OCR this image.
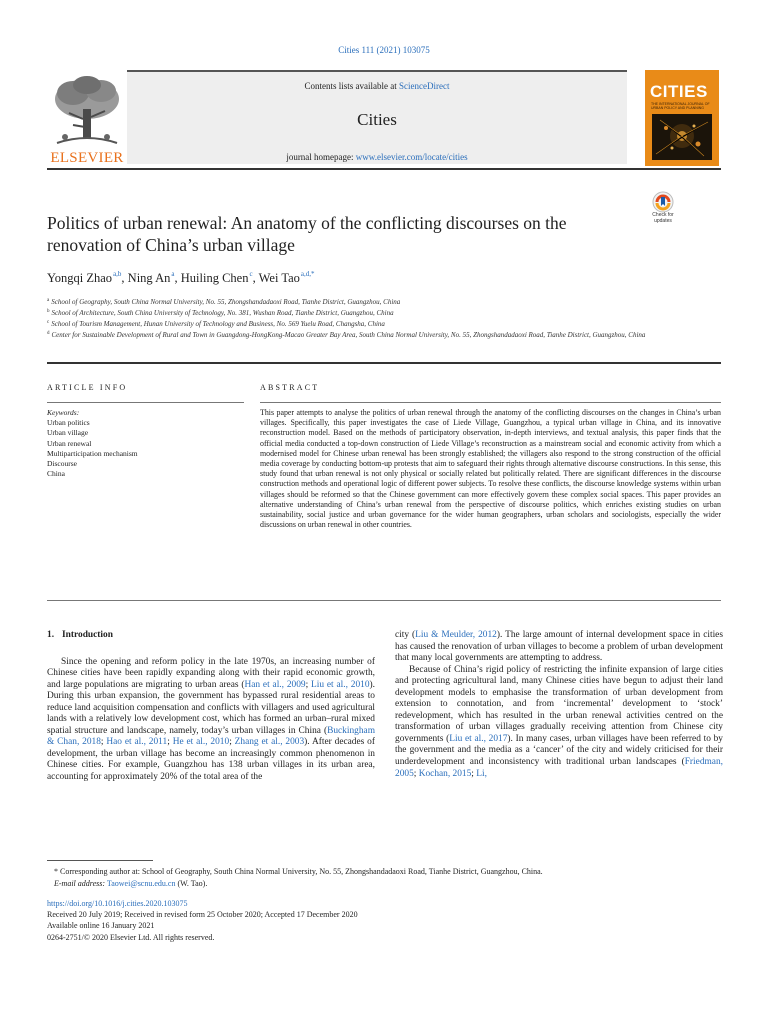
Cities 111 (2021) 103075
ELSEVIER
Contents lists available at ScienceDirect
Cities
journal homepage: www.elsevier.com/locate/cities
CITIES
THE INTERNATIONAL JOURNAL OF URBAN POLICY AND PLANNING
Politics of urban renewal: An anatomy of the conflicting discourses on the renovation of China’s urban village
Check for updates
Yongqi Zhao$^{a,b}$, Ning An$^a$, Huiling Chen$^c$, Wei Tao$^{a,d,*}$
$^a$ School of Geography, South China Normal University, No. 55, Zhongshandadaoxi Road, Tianhe District, Guangzhou, China
$^b$ School of Architecture, South China University of Technology, No. 381, Wushan Road, Tianhe District, Guangzhou, China
$^c$ School of Tourism Management, Hunan University of Technology and Business, No. 569 Yuelu Road, Changsha, China
$^d$ Center for Sustainable Development of Rural and Town in Guangdong-HongKong-Macao Greater Bay Area, South China Normal University, No. 55, Zhongshandadaoxi Road, Tianhe District, Guangzhou, China
ARTICLE INFO	ABSTRACT
Keywords:
Urban politics
Urban village
Urban renewal
Multiparticipation mechanism
Discourse
China

This paper attempts to analyse the politics of urban renewal through the anatomy of the conflicting discourses on the changes in China’s urban villages. Specifically, this paper investigates the case of Liede Village, Guangzhou, a typical urban village in China, and its innovative reconstruction model. Based on the methods of participatory observation, in-depth interviews, and textual analysis, this paper finds that the official media conducted a top-down construction of Liede Village’s reconstruction as a mainstream social and economic activity from which a modernised model for Chinese urban renewal has been strongly established; the villagers also respond to the strong construction of the official media coverage by conducting bottom-up protests that aim to safeguard their rights through alternative discourse constructions. In this sense, this study found that urban renewal is not only physical or socially related but politically related. There are significant differences in the discourse construction methods and operational logic of different power subjects. To resolve these conflicts, the discourse knowledge systems within urban villages should be reformed so that the Chinese government can more effectively govern these complex social spaces. This paper provides an alternative understanding of China’s urban renewal from the perspective of discourse politics, which enriches existing studies on urban sustainability, social justice and urban governance for the wider human geographers, urban scholars and sociologists, especially the wider discussions on urban renewal in other countries.

1. Introduction

Since the opening and reform policy in the late 1970s, an increasing number of Chinese cities have been rapidly expanding along with their rapid economic growth, and large populations are migrating to urban areas (Han et al., 2009; Liu et al., 2010). During this urban expansion, the government has bypassed rural residential areas to reduce land acquisition compensation and conflicts with villagers and used agricultural lands with a relatively low development cost, which has formed an urban–rural mixed spatial structure and landscape, namely, today’s urban villages in China (Buckingham & Chan, 2018; Hao et al., 2011; He et al., 2010; Zhang et al., 2003). After decades of development, the urban village has become an increasingly common phenomenon in Chinese cities. For example, Guangzhou has 138 urban villages in its urban area, accounting for approximately 20% of the total area of the

city (Liu & Meulder, 2012). The large amount of internal development space in cities has caused the renovation of urban villages to become a problem of urban development that many local governments are attempting to address.

Because of China’s rigid policy of restricting the infinite expansion of large cities and protecting agricultural land, many Chinese cities have begun to adjust their land development models to emphasise the transformation of urban development from extension to connotation, and from ‘incremental’ development to ‘stock’ redevelopment, which has resulted in the urban renewal activities centred on the transformation of urban villages gradually receiving attention from Chinese city governments (Liu et al., 2017). In many cases, urban villages have been referred to by the government and the media as a ‘cancer’ of the city and widely criticised for their underdevelopment and inconsistency with traditional urban landscapes (Friedman, 2005; Kochan, 2015; Li,

* Corresponding author at: School of Geography, South China Normal University, No. 55, Zhongshandadaoxi Road, Tianhe District, Guangzhou, China.
E-mail address: Taowei@scnu.edu.cn (W. Tao).
https://doi.org/10.1016/j.cities.2020.103075
Received 20 July 2019; Received in revised form 25 October 2020; Accepted 17 December 2020
Available online 16 January 2021
0264-2751/© 2020 Elsevier Ltd. All rights reserved.
